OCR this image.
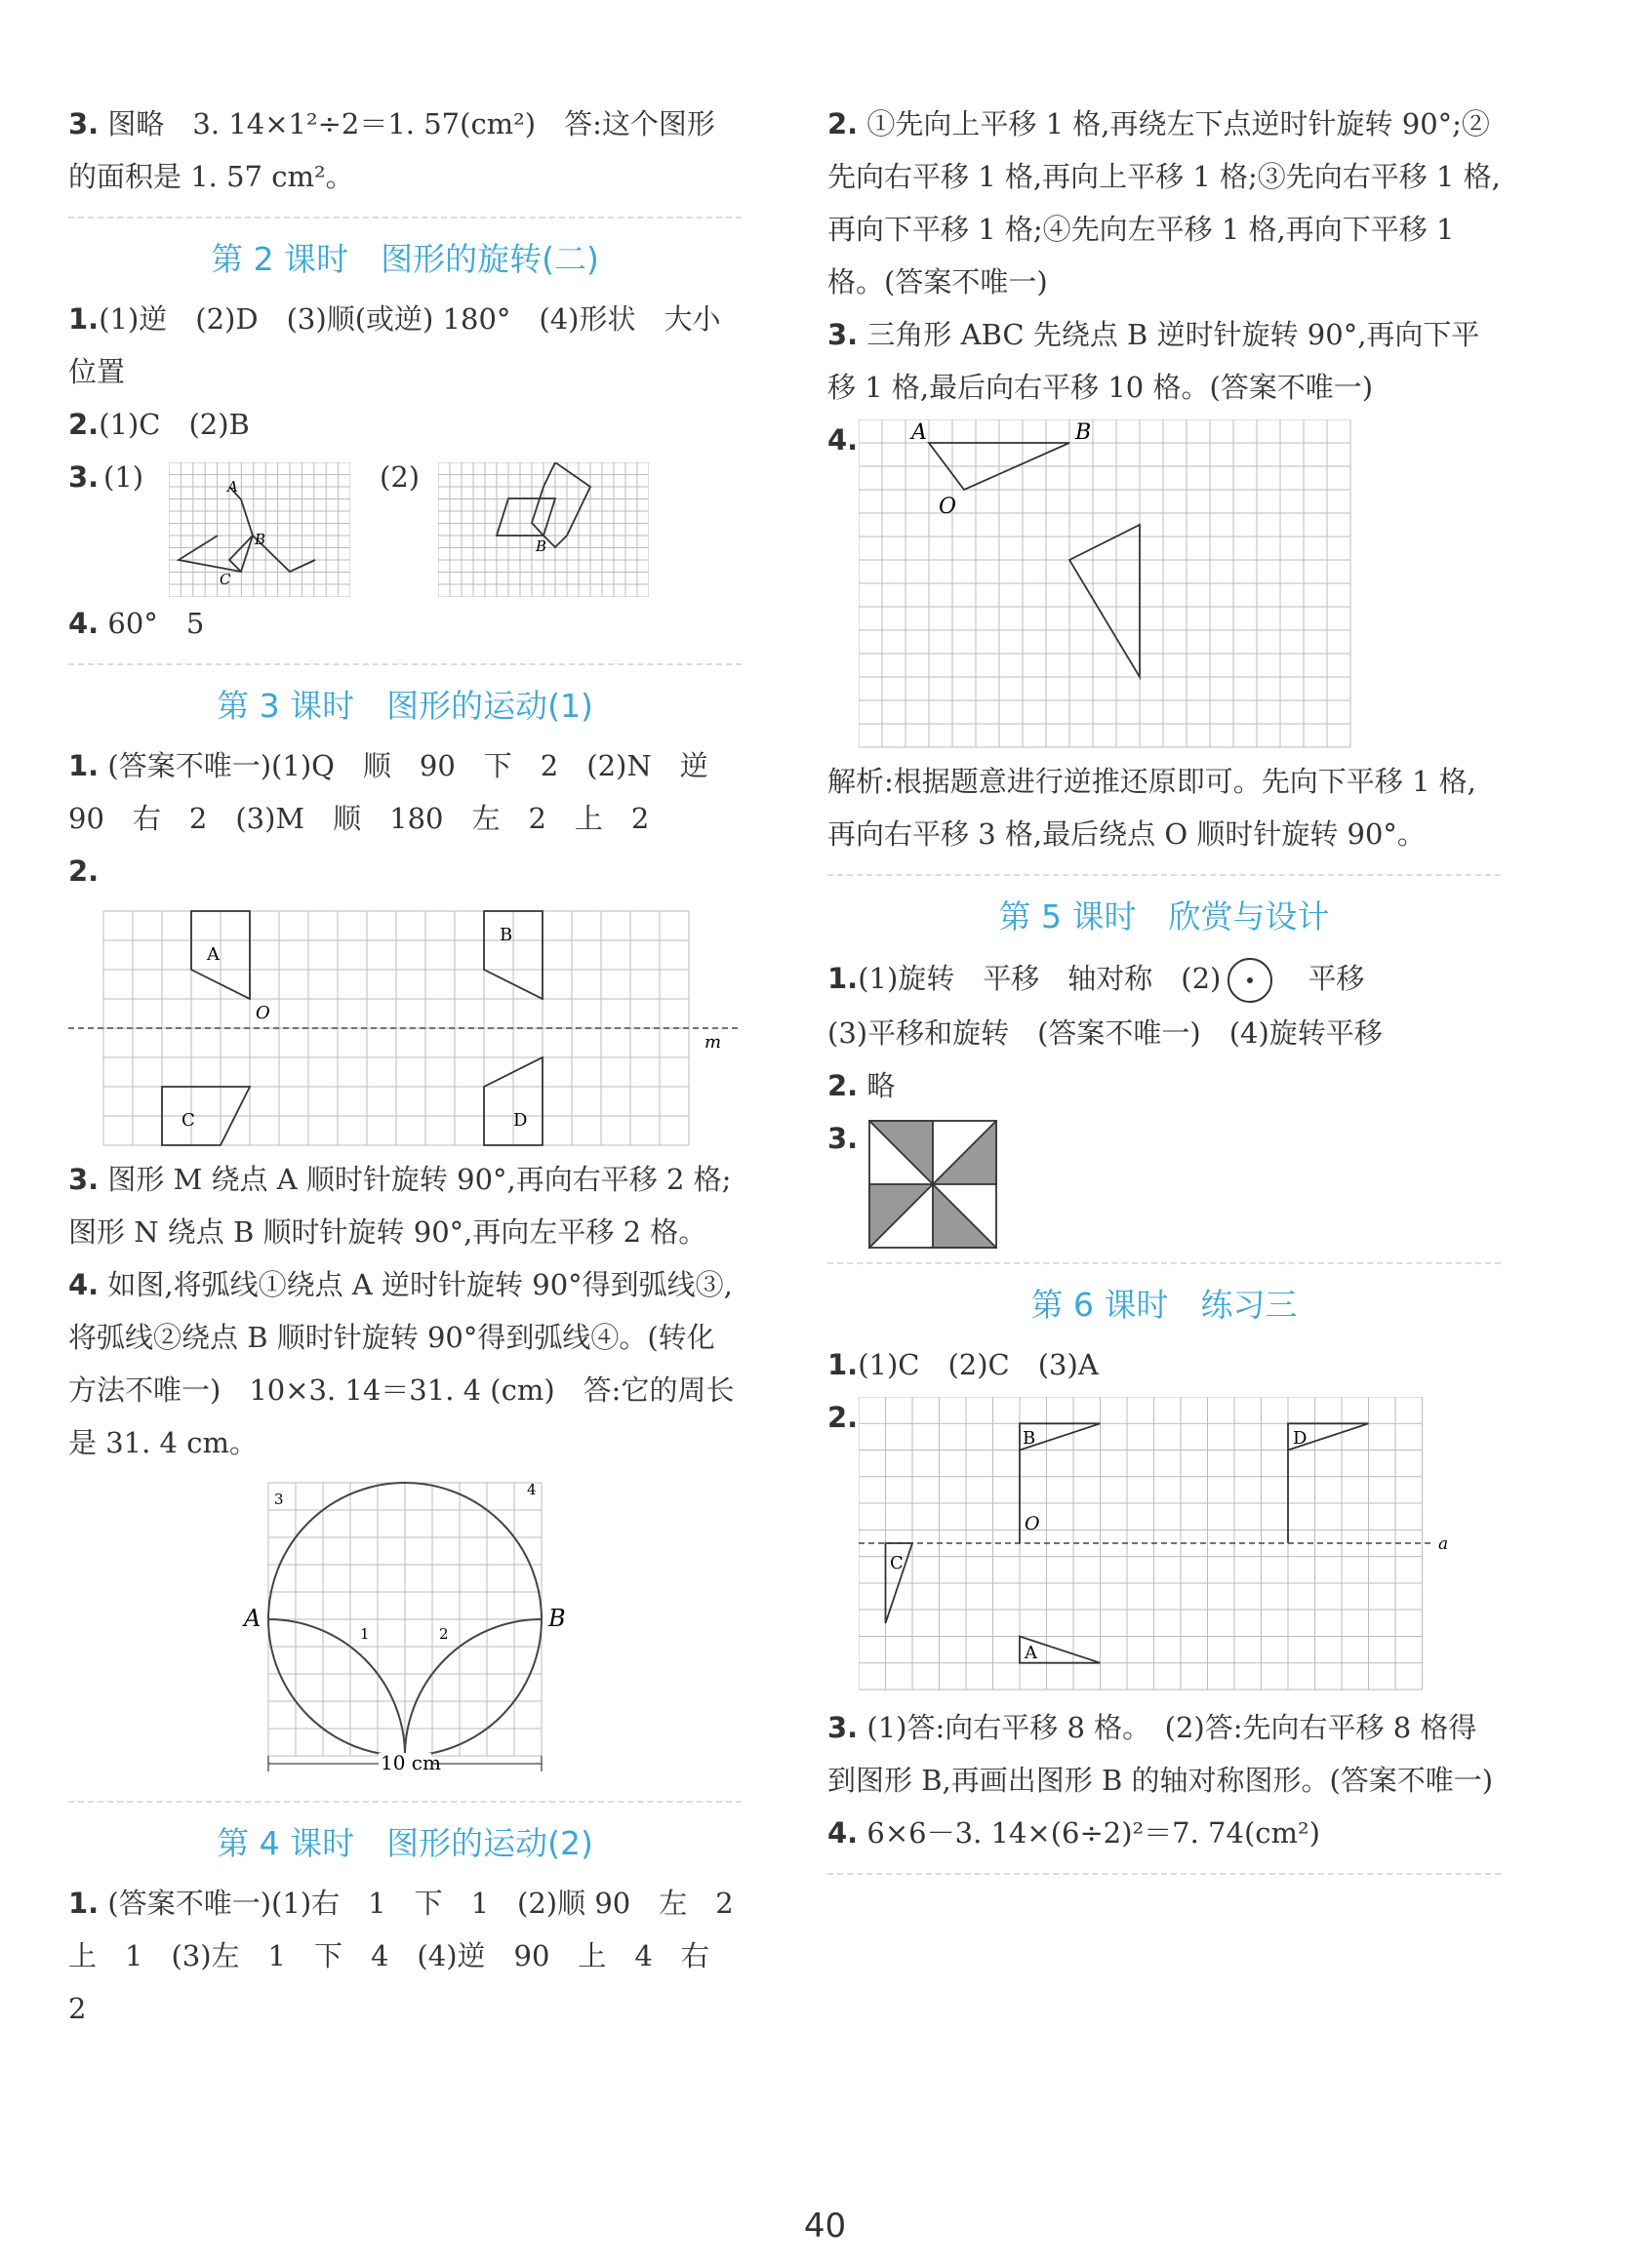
3. 图略　3. 14×1²÷2＝1. 57(cm²)　答:这个图形的面积是 1. 57 cm²。

第 2 课时　图形的旋转(二)

1.(1)逆　(2)D　(3)顺(或逆) 180°　(4)形状　大小　位置

2.(1)C　(2)B

3. (1)	A
B
C
(2)
B

4. 60°　5

第 3 课时　图形的运动(1)

1. (答案不唯一)(1)Q　顺　90　下　2　(2)N　逆　90　右　2　(3)M　顺　180　左　2　上　2

2.

A
B
C	D
O
m

3. 图形 M 绕点 A 顺时针旋转 90°,再向右平移 2 格;图形 N 绕点 B 顺时针旋转 90°,再向左平移 2 格。

4. 如图,将弧线①绕点 A 逆时针旋转 90°得到弧线③,将弧线②绕点 B 顺时针旋转 90°得到弧线④。(转化方法不唯一)　10×3. 14＝31. 4 (cm)　答:它的周长是 31. 4 cm。

A	B
1	2
3
4
10 cm
第 4 课时　图形的运动(2)

1. (答案不唯一)(1)右　1　下　1　(2)顺 90　左　2　上　1　(3)左　1　下　4　(4)逆　90　上　4　右　2

2. ①先向上平移 1 格,再绕左下点逆时针旋转 90°;②先向右平移 1 格,再向上平移 1 格;③先向右平移 1 格,再向下平移 1 格;④先向左平移 1 格,再向下平移 1 格。(答案不唯一)

3. 三角形 ABC 先绕点 B 逆时针旋转 90°,再向下平移 1 格,最后向右平移 10 格。(答案不唯一)

4. A	B
O

解析:根据题意进行逆推还原即可。先向下平移 1 格,再向右平移 3 格,最后绕点 O 顺时针旋转 90°。

第 5 课时　欣赏与设计

1.(1)旋转　平移　轴对称　(2)　	平移

(3)平移和旋转　(答案不唯一)　(4)旋转平移

2. 略

3.
第 6 课时　练习三

1.(1)C　(2)C　(3)A

2.
B	D
O
C
A
a

3. (1)答:向右平移 8 格。　(2)答:先向右平移 8 格得到图形 B,再画出图形 B 的轴对称图形。(答案不唯一)

4. 6×6－3. 14×(6÷2)²＝7. 74(cm²)

40
